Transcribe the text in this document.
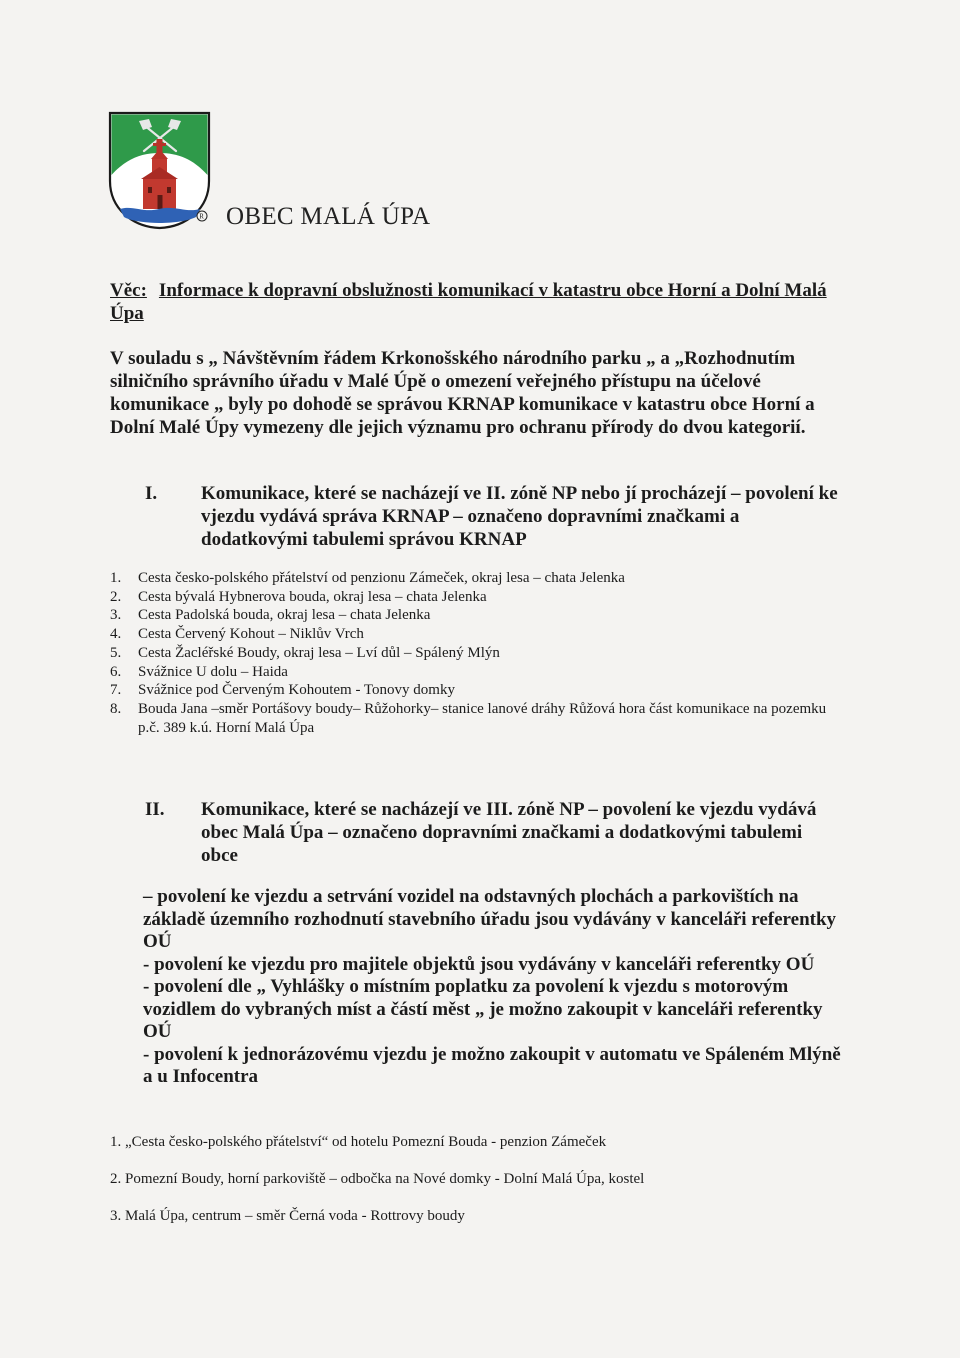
R OBEC MALÁ ÚPA
Věc: Informace k dopravní obslužnosti komunikací v katastru obce Horní a Dolní Malá Úpa
V souladu s „ Návštěvním řádem Krkonošského národního parku „ a „Rozhodnutím silničního správního úřadu v Malé Úpě o omezení veřejného přístupu na účelové komunikace „ byly po dohodě se správou KRNAP komunikace v katastru obce Horní a Dolní Malé Úpy vymezeny dle jejich významu pro ochranu přírody do dvou kategorií.
I. Komunikace, které se nacházejí ve II. zóně NP nebo jí procházejí – povolení ke vjezdu vydává správa KRNAP – označeno dopravními značkami a dodatkovými tabulemi správou KRNAP
1. Cesta česko-polského přátelství od penzionu Zámeček, okraj lesa – chata Jelenka
2. Cesta bývalá Hybnerova bouda, okraj lesa – chata Jelenka
3. Cesta Padolská bouda, okraj lesa – chata Jelenka
4. Cesta Červený Kohout – Niklův Vrch
5. Cesta Žacléřské Boudy, okraj lesa – Lví důl – Spálený Mlýn
6. Svážnice U dolu – Haida
7. Svážnice pod Červeným Kohoutem - Tonovy domky
8. Bouda Jana –směr Portášovy boudy– Růžohorky– stanice lanové dráhy Růžová hora část komunikace na pozemku p.č. 389 k.ú. Horní Malá Úpa
II. Komunikace, které se nacházejí ve III. zóně NP – povolení ke vjezdu vydává obec Malá Úpa – označeno dopravními značkami a dodatkovými tabulemi obce

– povolení ke vjezdu a setrvání vozidel na odstavných plochách a parkovištích na základě územního rozhodnutí stavebního úřadu jsou vydávány v kanceláři referentky OÚ

- povolení ke vjezdu pro majitele objektů jsou vydávány v kanceláři referentky OÚ

- povolení dle „ Vyhlášky o místním poplatku za povolení k vjezdu s motorovým vozidlem do vybraných míst a částí měst „ je možno zakoupit v kanceláři referentky OÚ

- povolení k jednorázovému vjezdu je možno zakoupit v automatu ve Spáleném Mlýně a u Infocentra

1. „Cesta česko-polského přátelství“ od hotelu Pomezní Bouda - penzion Zámeček
2. Pomezní Boudy, horní parkoviště – odbočka na Nové domky - Dolní Malá Úpa, kostel
3. Malá Úpa, centrum – směr Černá voda - Rottrovy boudy
